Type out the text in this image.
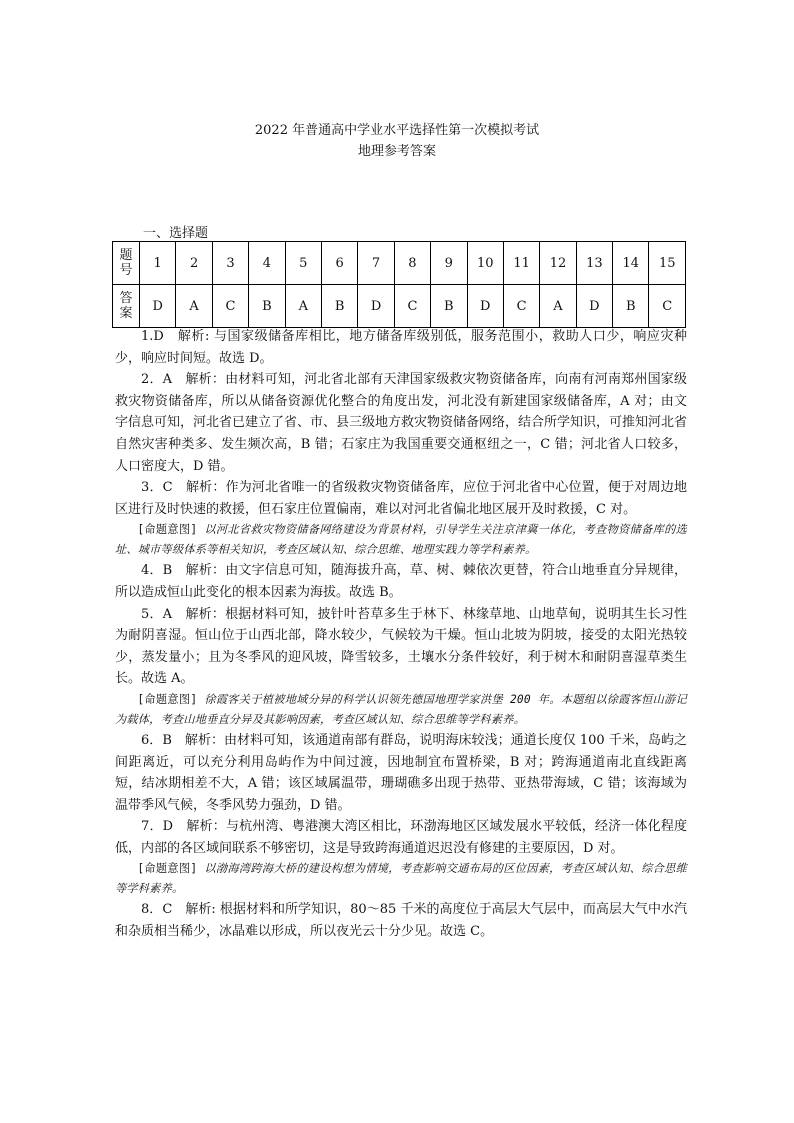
2022 年普通高中学业水平选择性第一次模拟考试
地理参考答案
一、选择题
题号	1	2	3	4	5	6	7	8	9	10	11	12	13	14	15
答案	D	A	C	B	A	B	D	C	B	D	C	A	D	B	C

1.D　解析: 与国家级储备库相比，地方储备库级别低，服务范围小，救助人口少，响应灾种少，响应时间短。故选 D。

2．A　解析：由材料可知，河北省北部有天津国家级救灾物资储备库，向南有河南郑州国家级救灾物资储备库，所以从储备资源优化整合的角度出发，河北没有新建国家级储备库，A 对；由文字信息可知，河北省已建立了省、市、县三级地方救灾物资储备网络，结合所学知识，可推知河北省自然灾害种类多、发生频次高，B 错；石家庄为我国重要交通枢纽之一，C 错；河北省人口较多，人口密度大，D 错。

3．C　解析：作为河北省唯一的省级救灾物资储备库，应位于河北省中心位置，便于对周边地区进行及时快速的救援，但石家庄位置偏南，难以对河北省偏北地区展开及时救援，C 对。

[命题意图] 以河北省救灾物资储备网络建设为背景材料，引导学生关注京津冀一体化，考查物资储备库的选址、城市等级体系等相关知识，考查区域认知、综合思维、地理实践力等学科素养。

4．B　解析：由文字信息可知，随海拔升高，草、树、棘依次更替，符合山地垂直分异规律，所以造成恒山此变化的根本因素为海拔。故选 B。

5．A　解析：根据材料可知，披针叶苔草多生于林下、林缘草地、山地草甸，说明其生长习性为耐阴喜湿。恒山位于山西北部，降水较少，气候较为干燥。恒山北坡为阴坡，接受的太阳光热较少，蒸发量小；且为冬季风的迎风坡，降雪较多，土壤水分条件较好，利于树木和耐阴喜湿草类生长。故选 A。

[命题意图] 徐霞客关于植被地域分异的科学认识领先德国地理学家洪堡 200 年。本题组以徐霞客恒山游记为载体，考查山地垂直分异及其影响因素，考查区域认知、综合思维等学科素养。

6．B　解析：由材料可知，该通道南部有群岛，说明海床较浅；通道长度仅 100 千米，岛屿之间距离近，可以充分利用岛屿作为中间过渡，因地制宜布置桥梁，B 对；跨海通道南北直线距离短，结冰期相差不大，A 错；该区域属温带，珊瑚礁多出现于热带、亚热带海域，C 错；该海域为温带季风气候，冬季风势力强劲，D 错。

7．D　解析：与杭州湾、粤港澳大湾区相比，环渤海地区区域发展水平较低，经济一体化程度低，内部的各区域间联系不够密切，这是导致跨海通道迟迟没有修建的主要原因，D 对。

[命题意图] 以渤海湾跨海大桥的建设构想为情境，考查影响交通布局的区位因素，考查区域认知、综合思维等学科素养。

8．C　解析: 根据材料和所学知识，80～85 千米的高度位于高层大气层中，而高层大气中水汽和杂质相当稀少，冰晶难以形成，所以夜光云十分少见。故选 C。
